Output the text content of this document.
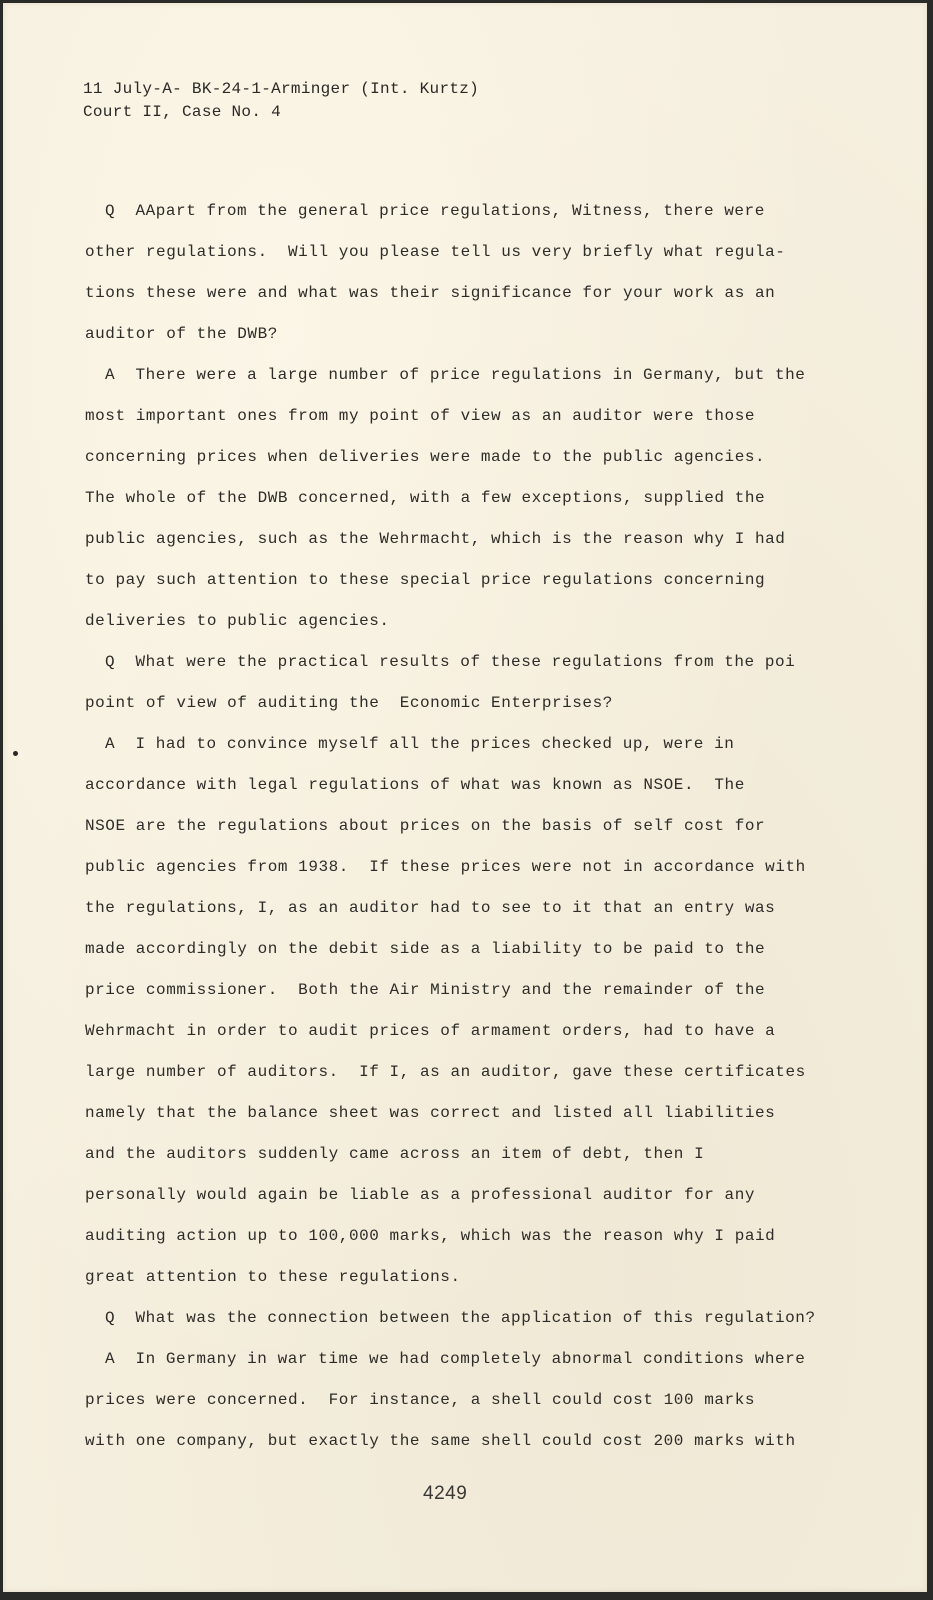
11 July-A- BK-24-1-Arminger (Int. Kurtz)
Court II, Case No. 4
Q  AApart from the general price regulations, Witness, there were
other regulations.  Will you please tell us very briefly what regula-
tions these were and what was their significance for your work as an
auditor of the DWB?
A  There were a large number of price regulations in Germany, but the
most important ones from my point of view as an auditor were those
concerning prices when deliveries were made to the public agencies.
The whole of the DWB concerned, with a few exceptions, supplied the
public agencies, such as the Wehrmacht, which is the reason why I had
to pay such attention to these special price regulations concerning
deliveries to public agencies.
Q  What were the practical results of these regulations from the poi
point of view of auditing the  Economic Enterprises?
A  I had to convince myself all the prices checked up, were in
accordance with legal regulations of what was known as NSOE.  The
NSOE are the regulations about prices on the basis of self cost for
public agencies from 1938.  If these prices were not in accordance with
the regulations, I, as an auditor had to see to it that an entry was
made accordingly on the debit side as a liability to be paid to the
price commissioner.  Both the Air Ministry and the remainder of the
Wehrmacht in order to audit prices of armament orders, had to have a
large number of auditors.  If I, as an auditor, gave these certificates
namely that the balance sheet was correct and listed all liabilities
and the auditors suddenly came across an item of debt, then I
personally would again be liable as a professional auditor for any
auditing action up to 100,000 marks, which was the reason why I paid
great attention to these regulations.
Q  What was the connection between the application of this regulation?
A  In Germany in war time we had completely abnormal conditions where
prices were concerned.  For instance, a shell could cost 100 marks
with one company, but exactly the same shell could cost 200 marks with
4249
